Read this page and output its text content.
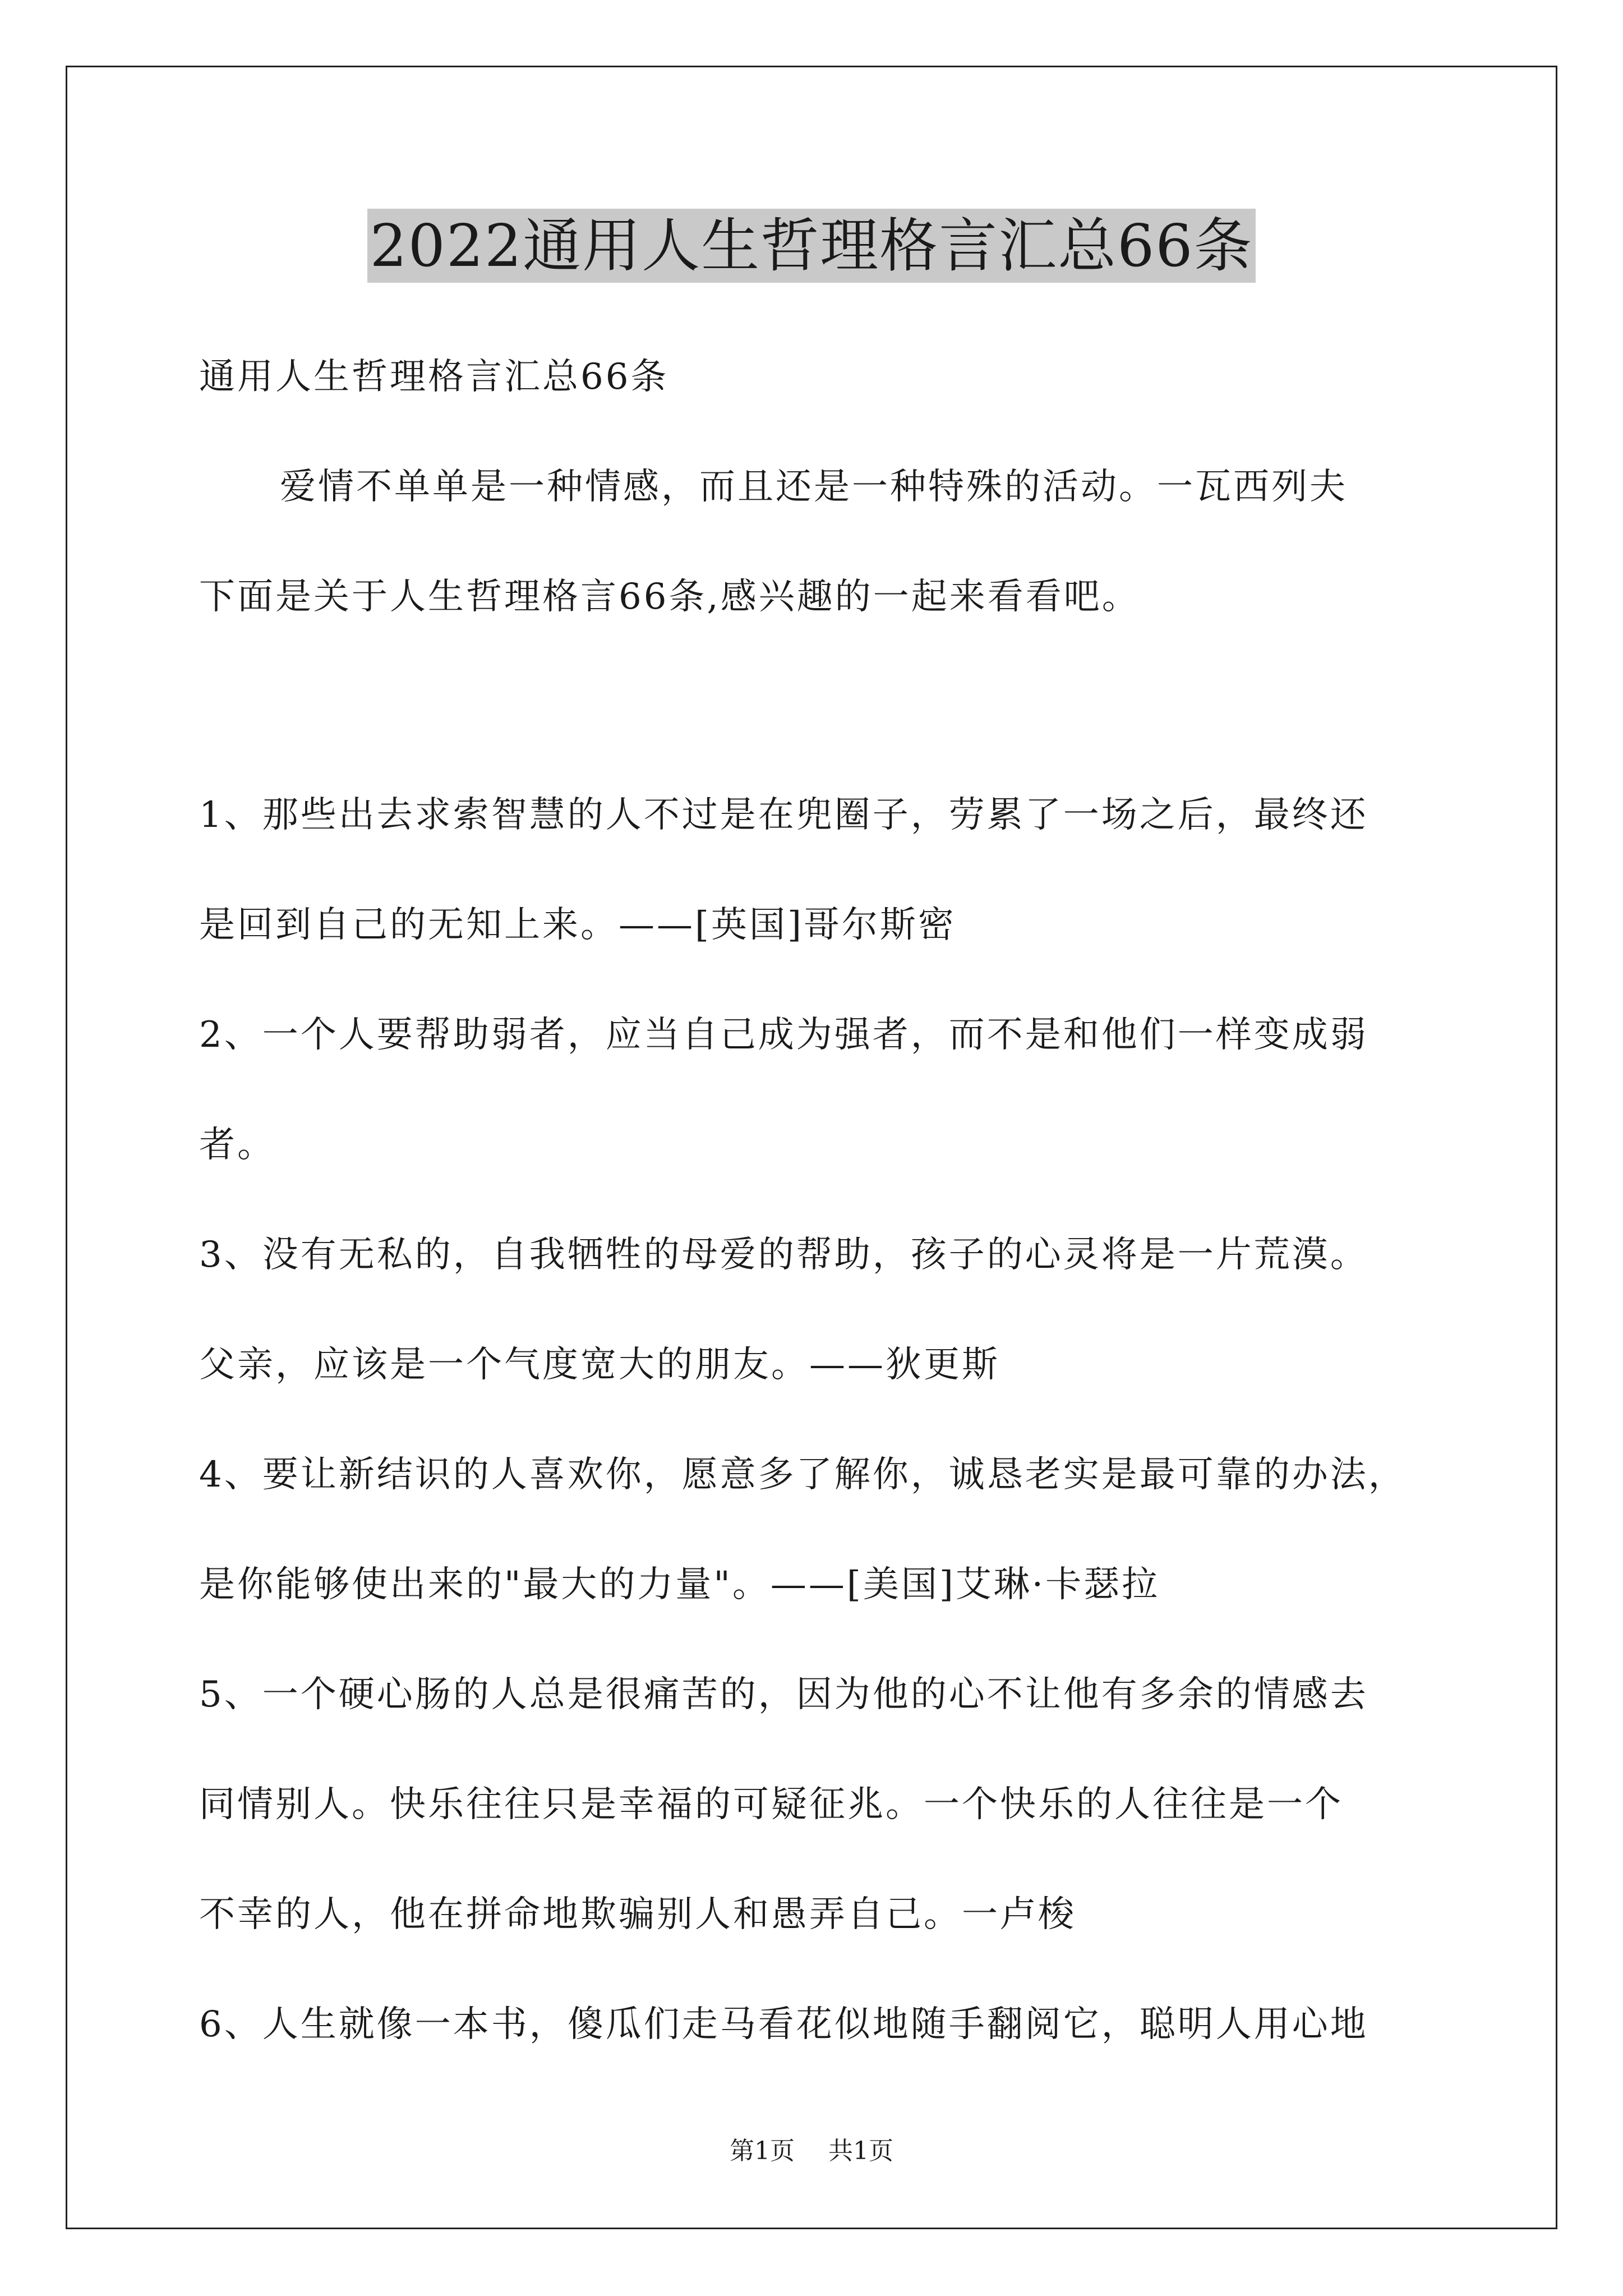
2022通用人生哲理格言汇总66条
通用人生哲理格言汇总66条
爱情不单单是一种情感，而且还是一种特殊的活动。一瓦西列夫
下面是关于人生哲理格言66条,感兴趣的一起来看看吧。
1、那些出去求索智慧的人不过是在兜圈子，劳累了一场之后，最终还
是回到自己的无知上来。——[英国]哥尔斯密
2、一个人要帮助弱者，应当自己成为强者，而不是和他们一样变成弱
者。
3、没有无私的，自我牺牲的母爱的帮助，孩子的心灵将是一片荒漠。
父亲，应该是一个气度宽大的朋友。——狄更斯
4、要让新结识的人喜欢你，愿意多了解你，诚恳老实是最可靠的办法，
是你能够使出来的"最大的力量"。——[美国]艾琳·卡瑟拉
5、一个硬心肠的人总是很痛苦的，因为他的心不让他有多余的情感去
同情别人。快乐往往只是幸福的可疑征兆。一个快乐的人往往是一个
不幸的人，他在拼命地欺骗别人和愚弄自己。一卢梭
6、人生就像一本书，傻瓜们走马看花似地随手翻阅它，聪明人用心地
第1页 共1页
